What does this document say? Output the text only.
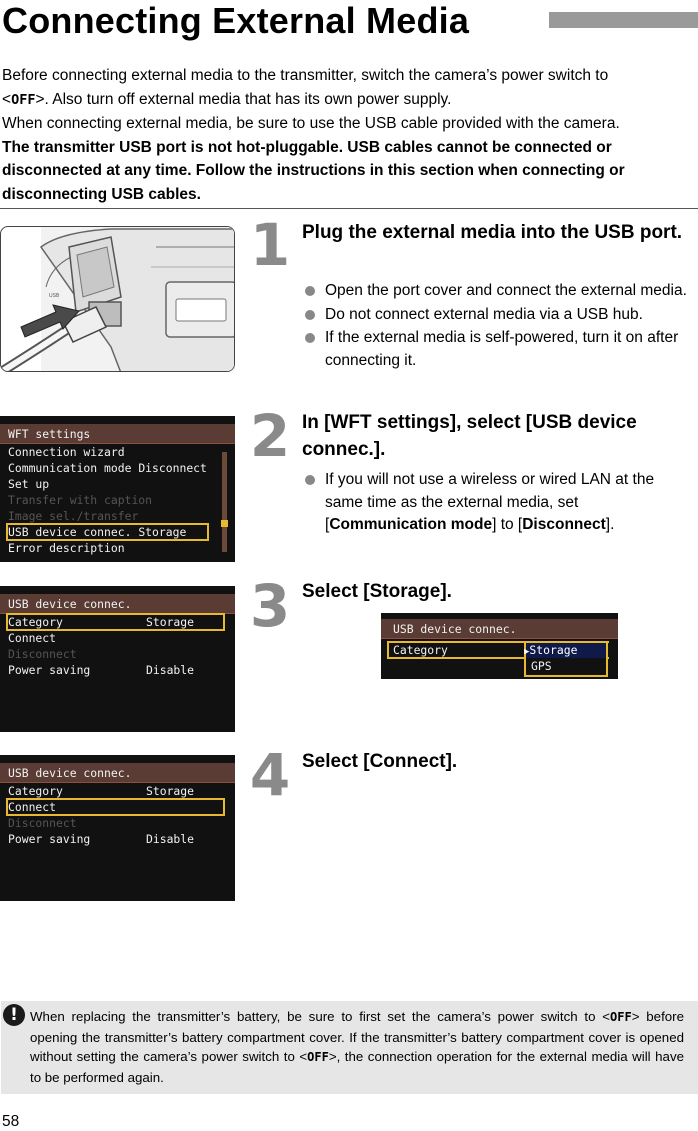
Connecting External Media

Before connecting external media to the transmitter, switch the camera’s power switch to
<OFF>. Also turn off external media that has its own power supply.

When connecting external media, be sure to use the USB cable provided with the camera.

The transmitter USB port is not hot-pluggable. USB cables cannot be connected or disconnected at any time. Follow the instructions in this section when connecting or disconnecting USB cables.

USB
1 Plug the external media into the USB port.
Open the port cover and connect the external media.
Do not connect external media via a USB hub.
If the external media is self-powered, turn it on after connecting it.
WFT settings
Connection wizard
Communication mode Disconnect
Set up
Transfer with caption
Image sel./transfer
USB device connec. Storage
Error description
2 In [WFT settings], select [USB device connec.].
If you will not use a wireless or wired LAN at the same time as the external media, set [Communication mode] to [Disconnect].
USB device connec.
Category	Storage
Connect
Disconnect
Power saving	Disable
3 Select [Storage].
USB device connec.
Category	▶Storage
GPS
USB device connec.
Category	Storage
Connect
Disconnect
Power saving	Disable
4 Select [Connect].
! When replacing the transmitter’s battery, be sure to first set the camera’s power switch to <OFF> before opening the transmitter’s battery compartment cover. If the transmitter’s battery compartment cover is opened without setting the camera’s power switch to <OFF>, the connection operation for the external media will have to be performed again.
58
